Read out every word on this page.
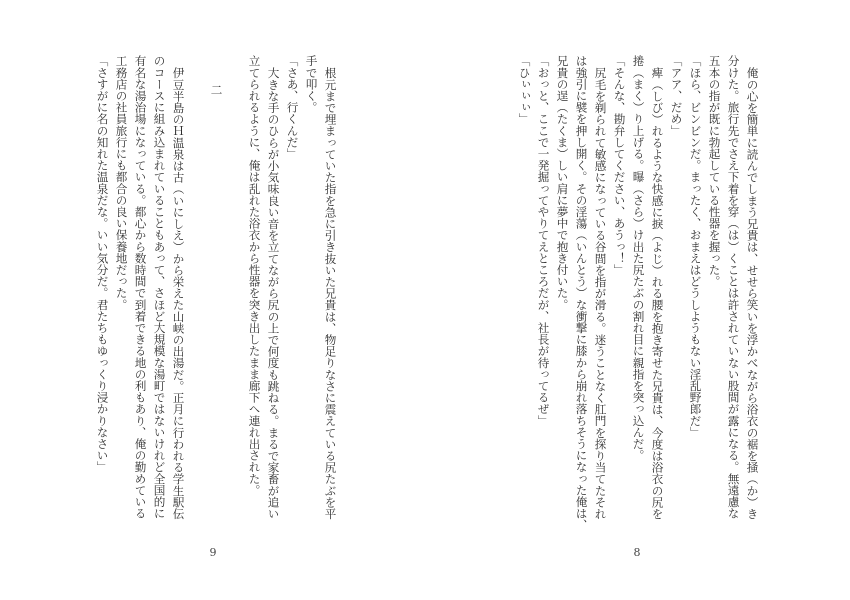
俺の心を簡単に読んでしまう兄貴は、せせら笑いを浮かべながら浴衣の裾を掻（か）き
分けた。旅行先でさえ下着を穿（は）くことは許されていない股間が露になる。無遠慮な
五本の指が既に勃起している性器を握った。
「ほら、ビンビンだ。まったく、おまえはどうしようもない淫乱野郎だ」
「アア、だめ」
痺（しび）れるような快感に捩（よじ）れる腰を抱き寄せた兄貴は、今度は浴衣の尻を
捲（まく）り上げる。曝（さら）け出た尻たぶの割れ目に親指を突っ込んだ。
「そんな、勘弁してください、あうっ！」
尻毛を剃られて敏感になっている谷間を指が滑る。迷うことなく肛門を探り当てたそれ
は強引に襞を押し開く。その淫蕩（いんとう）な衝撃に膝から崩れ落ちそうになった俺は、
兄貴の逞（たくま）しい肩に夢中で抱き付いた。
「おっと、ここで一発掘ってやりてえところだが、社長が待ってるぜ」
「ひぃぃぃ」
根元まで埋まっていた指を急に引き抜いた兄貴は、物足りなさに震えている尻たぶを平
手で叩く。
「さあ、行くんだ」
大きな手のひらが小気味良い音を立てながら尻の上で何度も跳ねる。まるで家畜が追い
立てられるように、俺は乱れた浴衣から性器を突き出したまま廊下へ連れ出された。
二
伊豆半島のＨ温泉は古（いにしえ）から栄えた山峡の出湯だ。正月に行われる学生駅伝
のコースに組み込まれていることもあって、さほど大規模な湯町ではないけれど全国的に
有名な湯治場になっている。都心から数時間で到着できる地の利もあり、俺の勤めている
工務店の社員旅行にも都合の良い保養地だった。
「さすがに名の知れた温泉だな。いい気分だ。君たちもゆっくり浸かりなさい」
9	8
